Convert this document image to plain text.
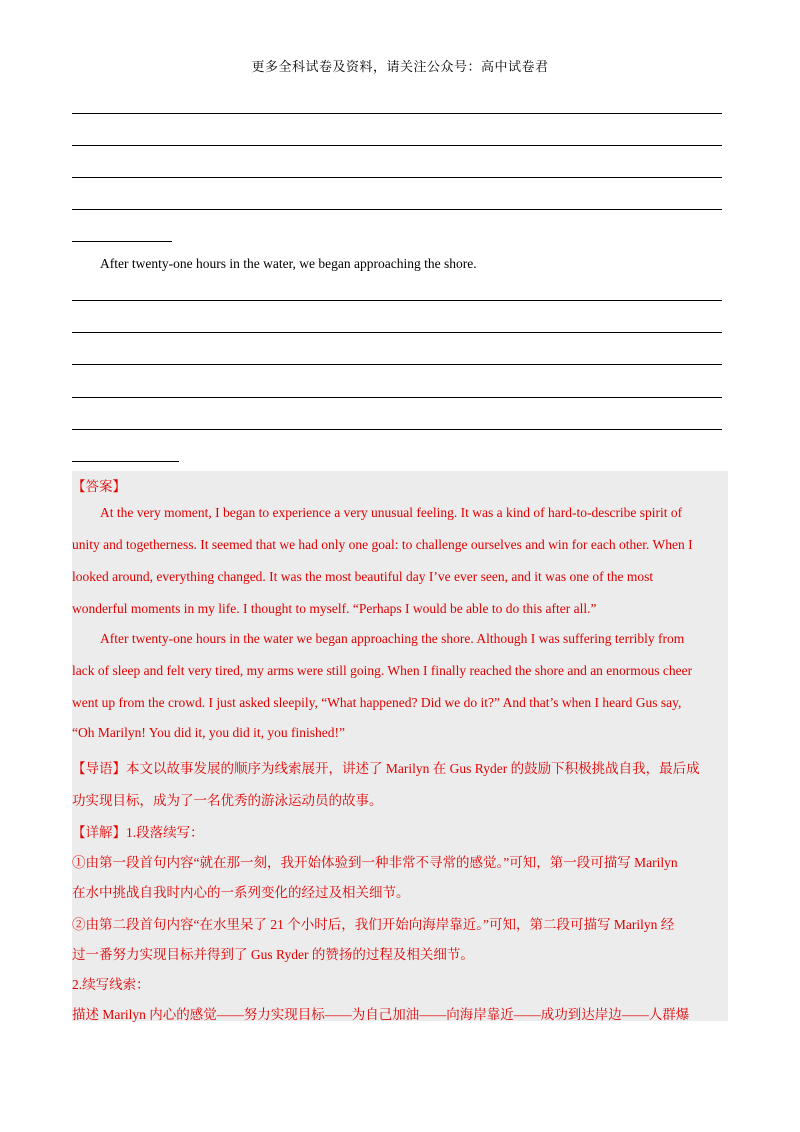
更多全科试卷及资料，请关注公众号：高中试卷君
After twenty-one hours in the water, we began approaching the shore.
【答案】
At the very moment, I began to experience a very unusual feeling. It was a kind of hard-to-describe spirit of
unity and togetherness. It seemed that we had only one goal: to challenge ourselves and win for each other. When I
looked around, everything changed. It was the most beautiful day I’ve ever seen, and it was one of the most
wonderful moments in my life. I thought to myself. “Perhaps I would be able to do this after all.”
After twenty-one hours in the water we began approaching the shore. Although I was suffering terribly from
lack of sleep and felt very tired, my arms were still going. When I finally reached the shore and an enormous cheer
went up from the crowd. I just asked sleepily, “What happened? Did we do it?” And that’s when I heard Gus say,
“Oh Marilyn! You did it, you did it, you finished!”
【导语】本文以故事发展的顺序为线索展开，讲述了 Marilyn 在 Gus Ryder 的鼓励下积极挑战自我，最后成
功实现目标，成为了一名优秀的游泳运动员的故事。
【详解】1.段落续写：
①由第一段首句内容“就在那一刻，我开始体验到一种非常不寻常的感觉。”可知，第一段可描写 Marilyn
在水中挑战自我时内心的一系列变化的经过及相关细节。
②由第二段首句内容“在水里呆了 21 个小时后，我们开始向海岸靠近。”可知，第二段可描写 Marilyn 经
过一番努力实现目标并得到了 Gus Ryder 的赞扬的过程及相关细节。
2.续写线索：
描述 Marilyn 内心的感觉——努力实现目标——为自己加油——向海岸靠近——成功到达岸边——人群爆
